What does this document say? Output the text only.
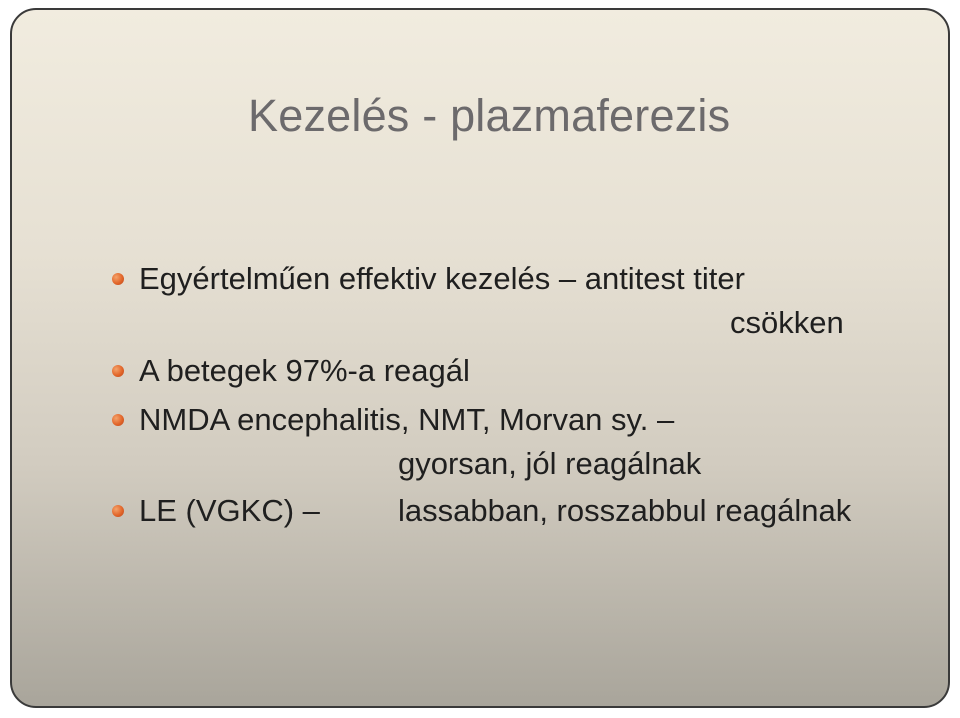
Kezelés - plazmaferezis
Egyértelműen effektiv kezelés – antitest titer
csökken
A betegek 97%-a reagál
NMDA encephalitis, NMT, Morvan sy. –
gyorsan, jól reagálnak
LE (VGKC) –	lassabban, rosszabbul reagálnak
